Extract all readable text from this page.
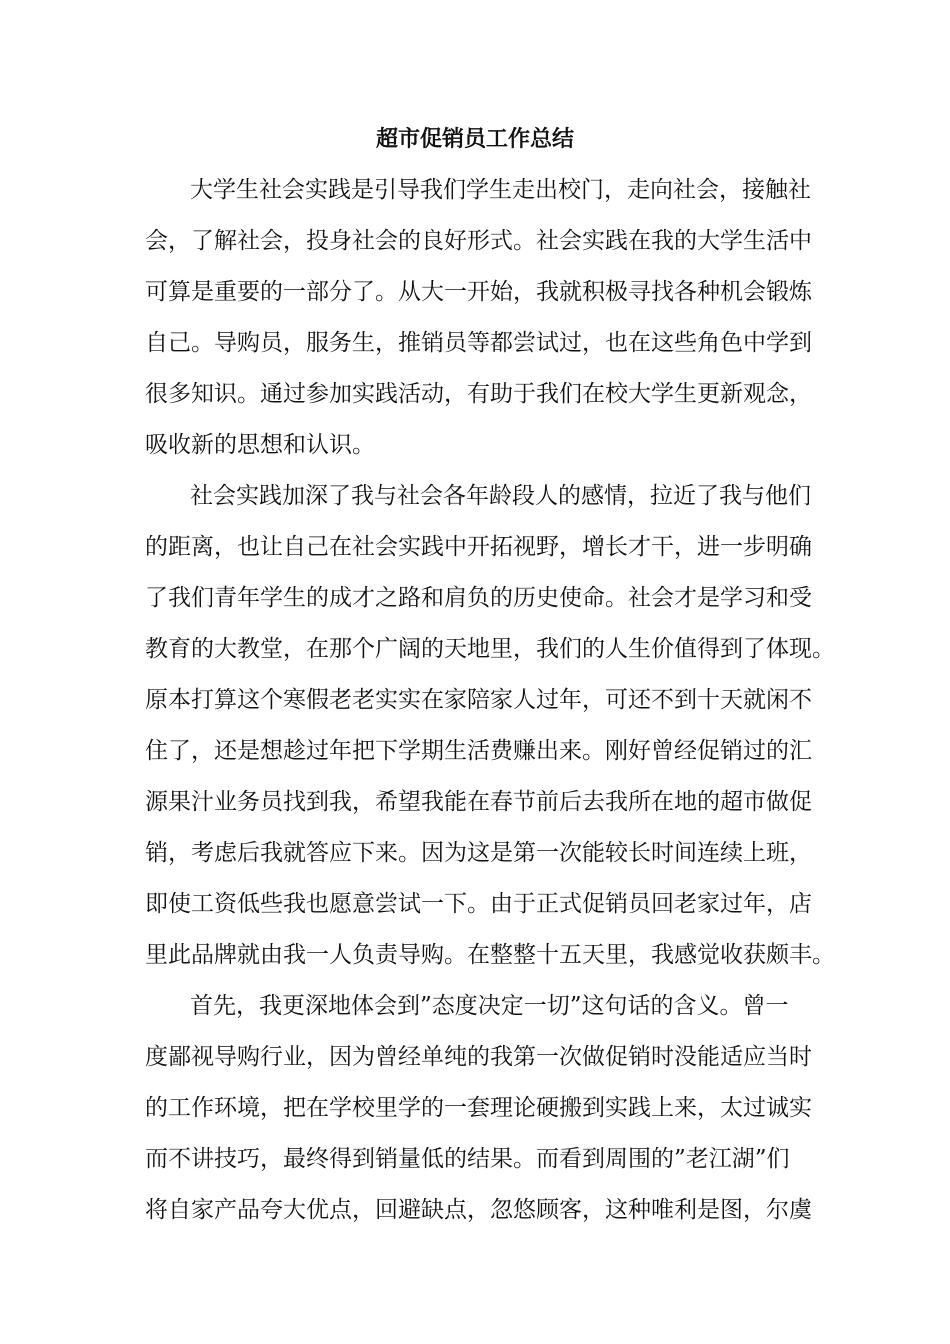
超市促销员工作总结
大学生社会实践是引导我们学生走出校门，走向社会，接触社
会，了解社会，投身社会的良好形式。社会实践在我的大学生活中
可算是重要的一部分了。从大一开始，我就积极寻找各种机会锻炼
自己。导购员，服务生，推销员等都尝试过，也在这些角色中学到
很多知识。通过参加实践活动，有助于我们在校大学生更新观念，
吸收新的思想和认识。
社会实践加深了我与社会各年龄段人的感情，拉近了我与他们
的距离，也让自己在社会实践中开拓视野，增长才干，进一步明确
了我们青年学生的成才之路和肩负的历史使命。社会才是学习和受
教育的大教堂，在那个广阔的天地里，我们的人生价值得到了体现。
原本打算这个寒假老老实实在家陪家人过年，可还不到十天就闲不
住了，还是想趁过年把下学期生活费赚出来。刚好曾经促销过的汇
源果汁业务员找到我，希望我能在春节前后去我所在地的超市做促
销，考虑后我就答应下来。因为这是第一次能较长时间连续上班，
即使工资低些我也愿意尝试一下。由于正式促销员回老家过年，店
里此品牌就由我一人负责导购。在整整十五天里，我感觉收获颇丰。
首先，我更深地体会到”态度决定一切”这句话的含义。曾一
度鄙视导购行业，因为曾经单纯的我第一次做促销时没能适应当时
的工作环境，把在学校里学的一套理论硬搬到实践上来，太过诚实
而不讲技巧，最终得到销量低的结果。而看到周围的”老江湖”们
将自家产品夸大优点，回避缺点，忽悠顾客，这种唯利是图，尔虞
